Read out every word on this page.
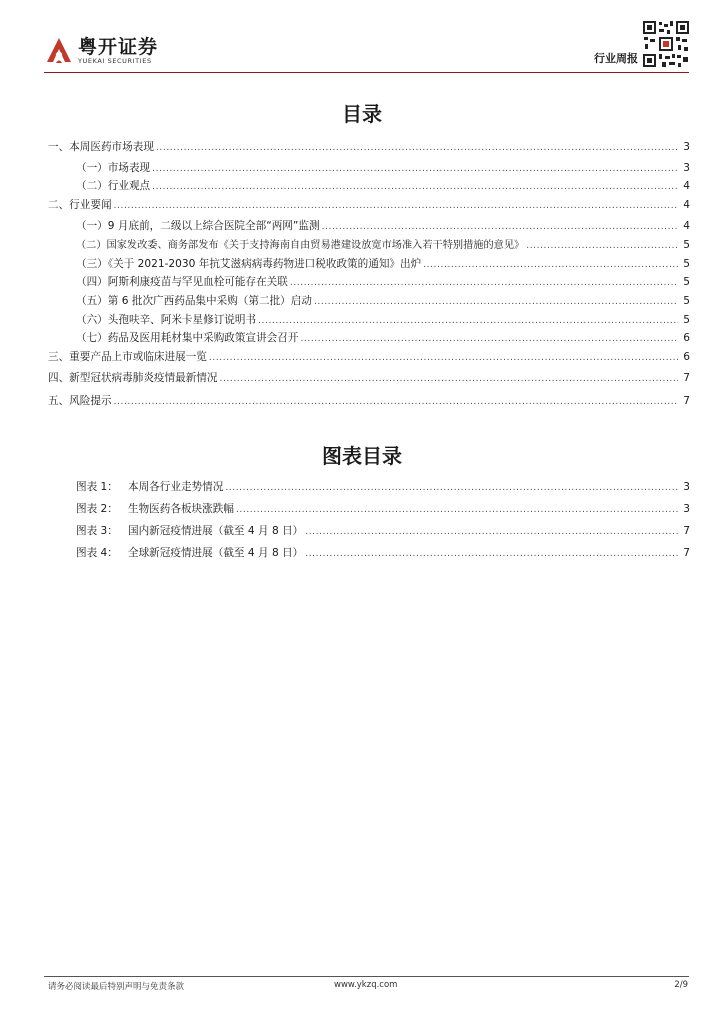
粤开证券
YUEKAI SECURITIES	行业周报
目录
一、本周医药市场表现 .....	3
（一）市场表现 .....	3
（二）行业观点 .....	4
二、行业要闻 .....	4
（一）9 月底前，二级以上综合医院全部“两网”监测 .....	4
（二）国家发改委、商务部发布《关于支持海南自由贸易港建设放宽市场准入若干特别措施的意见》 .....	5
（三）《关于 2021-2030 年抗艾滋病病毒药物进口税收政策的通知》出炉 .....	5
（四）阿斯利康疫苗与罕见血栓可能存在关联 .....	5
（五）第 6 批次广西药品集中采购（第二批）启动 .....	5
（六）头孢呋辛、阿米卡星修订说明书 .....	5
（七）药品及医用耗材集中采购政策宣讲会召开 .....	6
三、重要产品上市或临床进展一览 .....	6
四、新型冠状病毒肺炎疫情最新情况 .....	7
五、风险提示 .....	7
图表目录
图表 1： 本周各行业走势情况 .....	3
图表 2： 生物医药各板块涨跌幅 .....	3
图表 3： 国内新冠疫情进展（截至 4 月 8 日） .....	7
图表 4： 全球新冠疫情进展（截至 4 月 8 日） .....	7
请务必阅读最后特别声明与免责条款	www.ykzq.com	2/9
